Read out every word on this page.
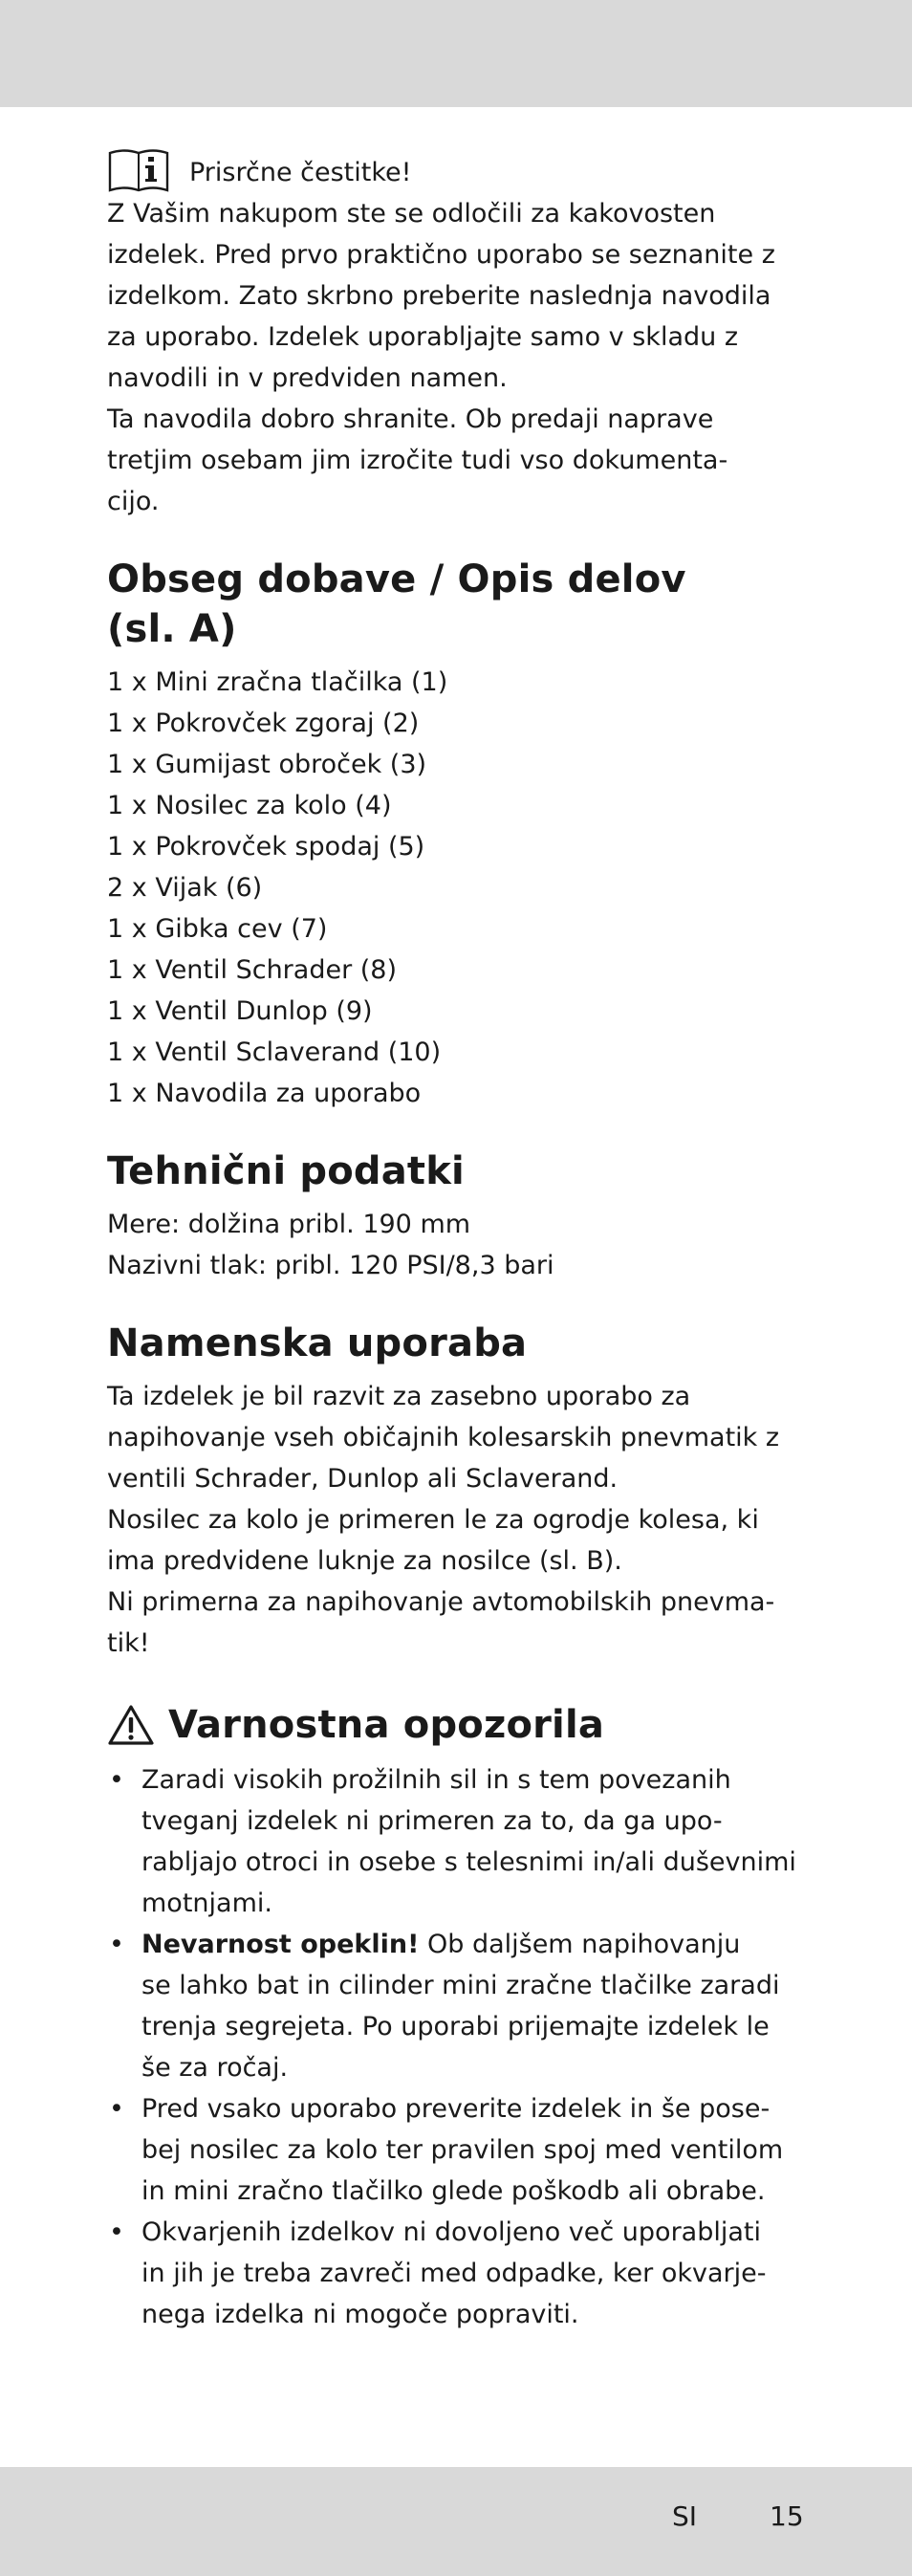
Prisrčne čestitke!

Z Vašim nakupom ste se odločili za kakovosten
izdelek. Pred prvo praktično uporabo se seznanite z
izdelkom. Zato skrbno preberite naslednja navodila
za uporabo. Izdelek uporabljajte samo v skladu z
navodili in v predviden namen.
Ta navodila dobro shranite. Ob predaji naprave
tretjim osebam jim izročite tudi vso dokumenta-
cijo.
Obseg dobave / Opis delov
(sl. A)
1 x Mini zračna tlačilka (1)
1 x Pokrovček zgoraj (2)
1 x Gumijast obroček (3)
1 x Nosilec za kolo (4)
1 x Pokrovček spodaj (5)
2 x Vijak (6)
1 x Gibka cev (7)
1 x Ventil Schrader (8)
1 x Ventil Dunlop (9)
1 x Ventil Sclaverand (10)
1 x Navodila za uporabo
Tehnični podatki
Mere: dolžina pribl. 190 mm
Nazivni tlak: pribl. 120 PSI/8,3 bari
Namenska uporaba
Ta izdelek je bil razvit za zasebno uporabo za
napihovanje vseh običajnih kolesarskih pnevmatik z
ventili Schrader, Dunlop ali Sclaverand.
Nosilec za kolo je primeren le za ogrodje kolesa, ki
ima predvidene luknje za nosilce (sl. B).
Ni primerna za napihovanje avtomobilskih pnevma-
tik!
Varnostna opozorila
• Zaradi visokih prožilnih sil in s tem povezanih
tveganj izdelek ni primeren za to, da ga upo-
rabljajo otroci in osebe s telesnimi in/ali duševnimi
motnjami.
• Nevarnost opeklin! Ob daljšem napihovanju
se lahko bat in cilinder mini zračne tlačilke zaradi
trenja segrejeta. Po uporabi prijemajte izdelek le
še za ročaj.
• Pred vsako uporabo preverite izdelek in še pose-
bej nosilec za kolo ter pravilen spoj med ventilom
in mini zračno tlačilko glede poškodb ali obrabe.
• Okvarjenih izdelkov ni dovoljeno več uporabljati
in jih je treba zavreči med odpadke, ker okvarje-
nega izdelka ni mogoče popraviti.
SI	15
